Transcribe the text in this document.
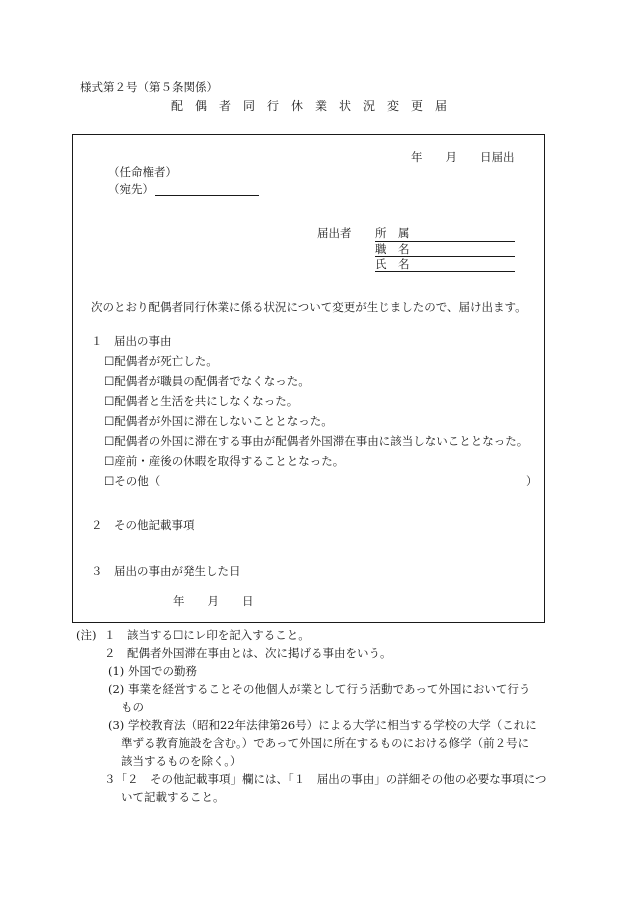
様式第２号（第５条関係）
配　偶　者　同　行　休　業　状　況　変　更　届
年　　月　　日届出
（任命権者）
（宛先）
届出者 所　属
職　名
氏　名
次のとおり配偶者同行休業に係る状況について変更が生じましたので、届け出ます。
１　届出の事由
☐配偶者が死亡した。
☐配偶者が職員の配偶者でなくなった。
☐配偶者と生活を共にしなくなった。
☐配偶者が外国に滞在しないこととなった。
☐配偶者の外国に滞在する事由が配偶者外国滞在事由に該当しないこととなった。
☐産前・産後の休暇を取得することとなった。
☐その他（	）
２　その他記載事項
３　届出の事由が発生した日
年　　月　　日
(注) １　該当する☐にレ印を記入すること。
２　配偶者外国滞在事由とは、次に掲げる事由をいう。
(1) 外国での勤務
(2) 事業を経営することその他個人が業として行う活動であって外国において行う
もの
(3) 学校教育法（昭和22年法律第26号）による大学に相当する学校の大学（これに
準ずる教育施設を含む。）であって外国に所在するものにおける修学（前２号に
該当するものを除く。）
３「２　その他記載事項」欄には、「１　届出の事由」の詳細その他の必要な事項につ
いて記載すること。
